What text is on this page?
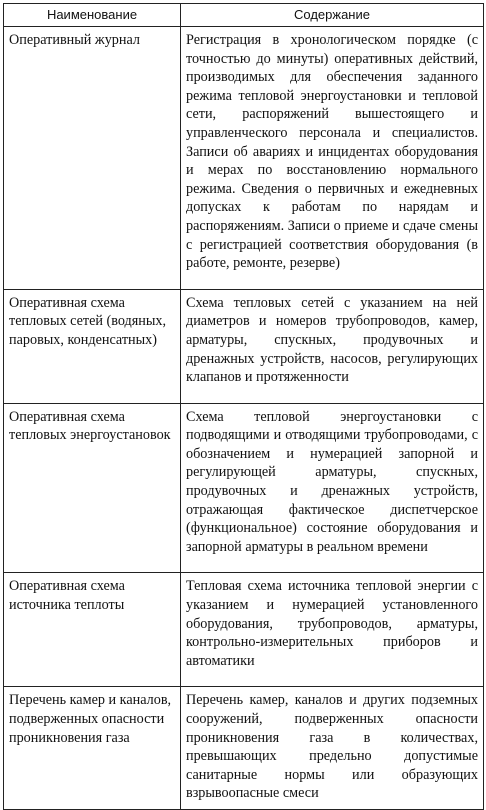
Наименование	Содержание
Оперативный журнал	Регистрация в хронологическом порядке (с точностью до минуты) оперативных действий, производимых для обеспечения заданного режима тепловой энергоустановки и тепловой сети, распоряжений вышестоящего и управленческого персонала и специалистов. Записи об авариях и инцидентах оборудования и мерах по восстановлению нормального режима. Сведения о первичных и ежедневных допусках к работам по нарядам и распоряжениям. Записи о приеме и сдаче смены с регистрацией соответствия оборудования (в работе, ремонте, резерве)
Оперативная схема тепловых сетей (водяных, паровых, конденсатных)	Схема тепловых сетей с указанием на ней диаметров и номеров трубопроводов, камер, арматуры, спускных, продувочных и дренажных устройств, насосов, регулирующих клапанов и протяженности
Оперативная схема тепловых энергоустановок	Схема тепловой энергоустановки с подводящими и отводящими трубопроводами, с обозначением и нумерацией запорной и регулирующей арматуры, спускных, продувочных и дренажных устройств, отражающая фактическое диспетчерское (функциональное) состояние оборудования и запорной арматуры в реальном времени
Оперативная схема источника теплоты	Тепловая схема источника тепловой энергии с указанием и нумерацией установленного оборудования, трубопроводов, арматуры, контрольно-измерительных приборов и автоматики
Перечень камер и каналов, подверженных опасности проникновения газа	Перечень камер, каналов и других подземных сооружений, подверженных опасности проникновения газа в количествах, превышающих предельно допустимые санитарные нормы или образующих взрывоопасные смеси
